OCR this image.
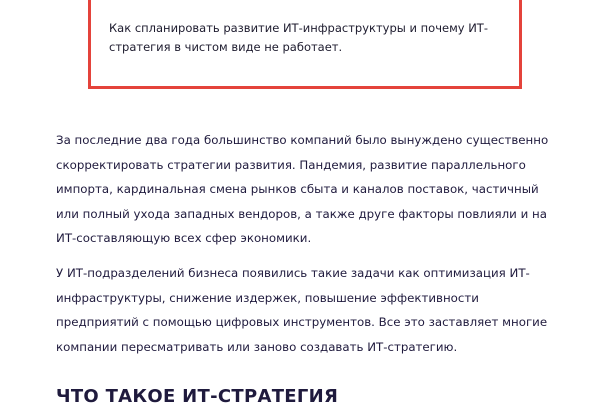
Как спланировать развитие ИТ-инфраструктуры и почему ИТ-стратегия в чистом виде не работает.

За последние два года большинство компаний было вынуждено существенно скорректировать стратегии развития. Пандемия, развитие параллельного импорта, кардинальная смена рынков сбыта и каналов поставок, частичный или полный ухода западных вендоров, а также друге факторы повлияли и на ИТ-составляющую всех сфер экономики.

У ИТ-подразделений бизнеса появились такие задачи как оптимизация ИТ-инфраструктуры, снижение издержек, повышение эффективности предприятий с помощью цифровых инструментов. Все это заставляет многие компании пересматривать или заново создавать ИТ-стратегию.

ЧТО ТАКОЕ ИТ-СТРАТЕГИЯ
